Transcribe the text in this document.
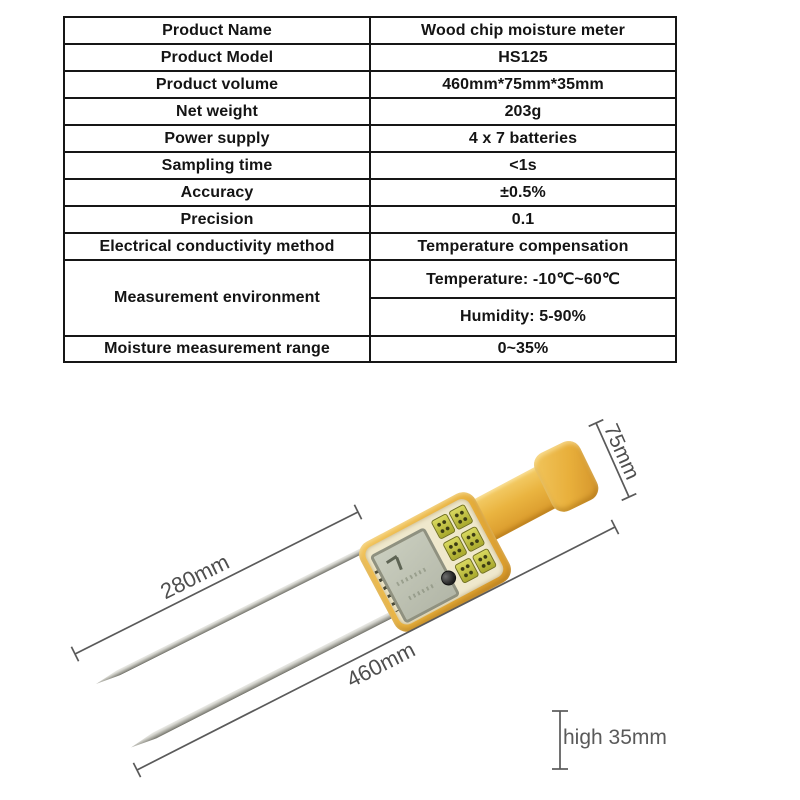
Product Name	Wood chip moisture meter
Product Model	HS125
Product volume	460mm*75mm*35mm
Net weight	203g
Power supply	4 x 7 batteries
Sampling time	<1s
Accuracy	±0.5%
Precision	0.1
Electrical conductivity method	Temperature compensation
Measurement environment	Temperature: -10℃~60℃
	Humidity: 5-90%
Moisture measurement range	0~35%
280mm
460mm
75mm
high 35mm
